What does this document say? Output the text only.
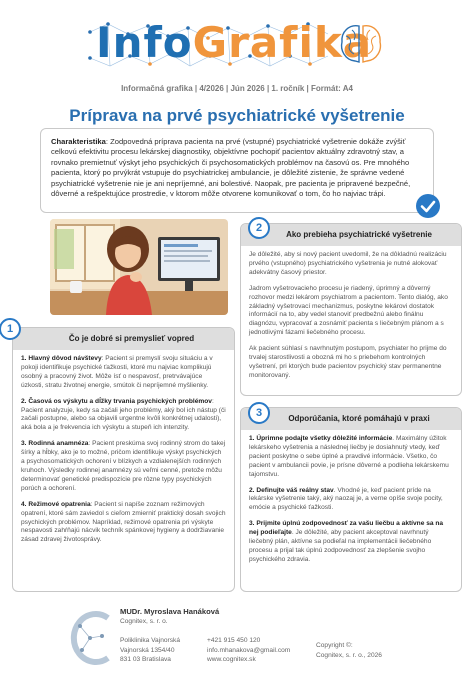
InfoGrafika
Informačná grafika | 4/2026 | Jún 2026 | 1. ročník | Formát: A4
Príprava na prvé psychiatrické vyšetrenie
Charakteristika: Zodpovedná príprava pacienta na prvé (vstupné) psychiatrické vyšetrenie dokáže zvýšiť celkovú efektivitu procesu lekárskej diagnostiky, objektívne pochopiť pacientov aktuálny zdravotný stav, a rovnako premietnuť výskyt jeho psychických či psychosomatických problémov na časovú os. Pre mnohého pacienta, ktorý po prvýkrát vstupuje do psychiatrickej ambulancie, je dôležité zistenie, že správne vedené psychiatrické vyšetrenie nie je ani nepríjemné, ani bolestivé. Naopak, pre pacienta je pripravené bezpečné, dôverné a rešpektujúce prostredie, v ktorom môže otvorene komunikovať o tom, čo ho najviac trápi.
Čo je dobré si premyslieť vopred

1. Hlavný dôvod návštevy: Pacient si premyslí svoju situáciu a v pokoji identifikuje psychické ťažkosti, ktoré mu najviac komplikujú osobný a pracovný život. Môže ísť o nespavosť, pretrvávajúce úzkosti, stratu životnej energie, smútok či nepríjemné myšlienky.

2. Časová os výskytu a dĺžky trvania psychických problémov: Pacient analyzuje, kedy sa začali jeho problémy, aký bol ich nástup (či začali postupne, alebo sa objavili urgentne kvôli konkrétnej udalosti), aká bola a je frekvencia ich výskytu a stupeň ich intenzity.

3. Rodinná anamnéza: Pacient preskúma svoj rodinný strom do takej šírky a hĺbky, ako je to možné, pričom identifikuje výskyt psychických a psychosomatických ochorení v blízkych a vzdialenejších rodinných kruhoch. Výsledky rodinnej anamnézy sú veľmi cenné, pretože môžu determinovať genetické predispozície pre rôzne typy psychických porúch a ochorení.

4. Režimové opatrenia: Pacient si napíše zoznam režimových opatrení, ktoré sám zaviedol s cieľom zmierniť praktický dosah svojich psychických problémov. Napríklad, režimové opatrenia pri výskyte nespavosti zahŕňajú nácvik techník spánkovej hygieny a dodržiavanie zásad zdravej životosprávy.

1
Ako prebieha psychiatrické vyšetrenie

Je dôležité, aby si nový pacient uvedomil, že na dôkladnú realizáciu prvého (vstupného) psychiatrického vyšetrenia je nutné alokovať adekvátny časový priestor.

Jadrom vyšetrovacieho procesu je riadený, úprimný a dôverný rozhovor medzi lekárom psychiatrom a pacientom. Tento dialóg, ako základný vyšetrovací mechanizmus, poskytne lekárovi dostatok informácií na to, aby vedel stanoviť predbežnú alebo finálnu diagnózu, vypracovať a zosnámiť pacienta s liečebným plánom a s jednotlivými fázami liečebného procesu.

Ak pacient súhlasí s navrhnutým postupom, psychiater ho prijme do trvalej starostlivosti a obozná mi ho s priebehom kontrolných vyšetrení, pri ktorých bude pacientov psychický stav permanentne monitorovaný.

2
Odporúčania, ktoré pomáhajú v praxi

1. Úprimne podajte všetky dôležité informácie. Maximálny úžitok lekárskeho vyšetrenia a následnej liečby je dosiahnutý vtedy, keď pacient poskytne o sebe úplné a pravdivé informácie. Všetko, čo pacient v ambulancii povie, je prísne dôverné a podlieha lekárskemu tajomstvu.

2. Definujte váš reálny stav. Vhodné je, keď pacient príde na lekárske vyšetrenie taký, aký naozaj je, a verne opíše svoje pocity, emócie a psychické ťažkosti.

3. Prijmite úplnú zodpovednosť za vašu liečbu a aktívne sa na nej podieľajte. Je dôležité, aby pacient akceptoval navrhnutý liečebný plán, aktívne sa podieľal na implementácii liečebného procesu a prijal tak úplnú zodpovednosť za zlepšenie svojho psychického zdravia.

3
MUDr. Myroslava Hanáková
Cognitex, s. r. o.
Poliklinika Vajnorská
Vajnorská 1354/40
831 03 Bratislava
+421 915 450 120
info.mhanakova@gmail.com
www.cognitex.sk
Copyright ©:
Cognitex, s. r. o., 2026
